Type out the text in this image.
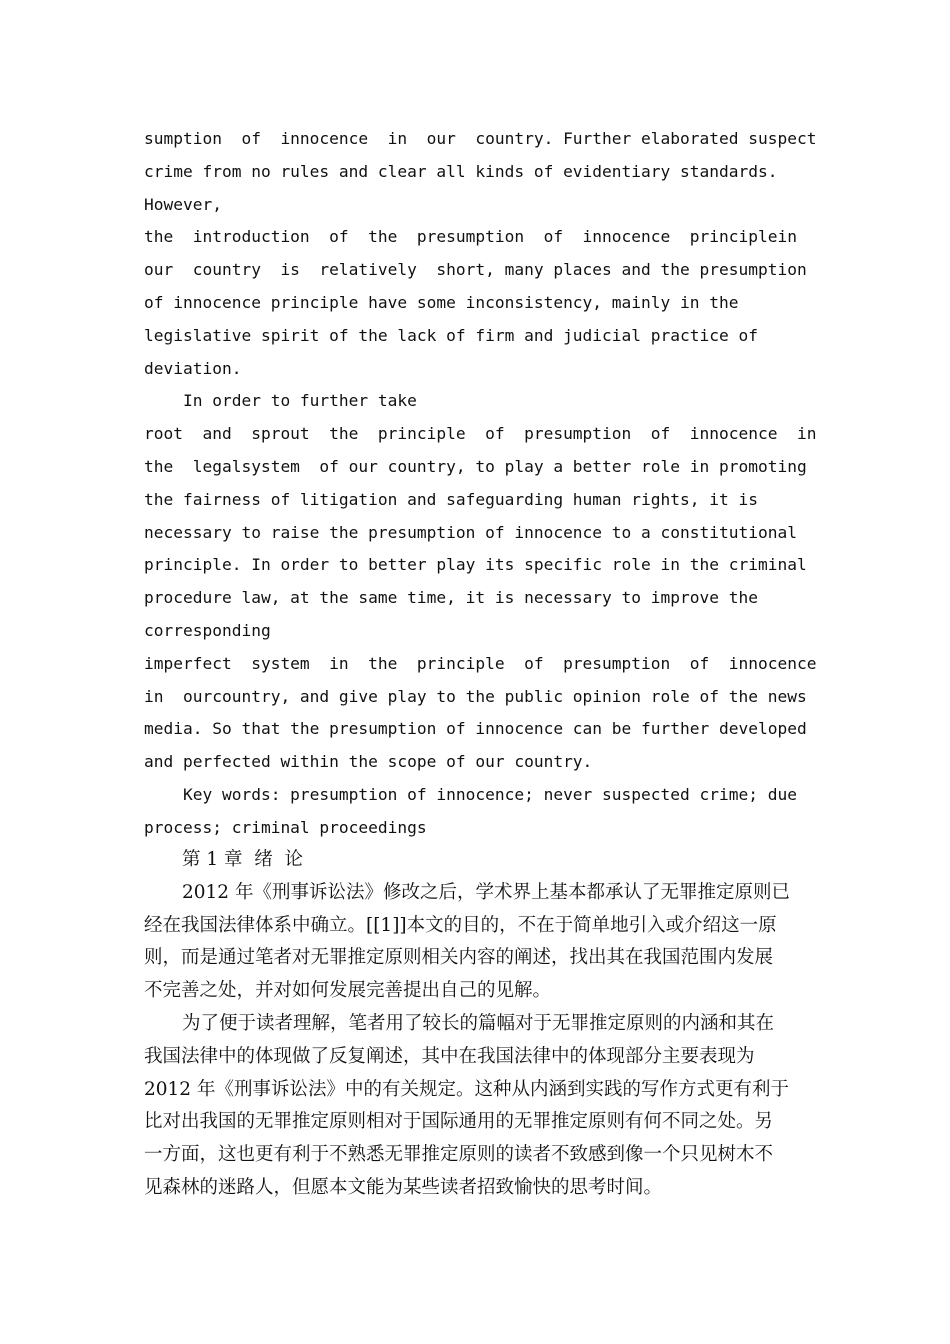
sumption  of  innocence  in  our  country. Further elaborated suspect
crime from no rules and clear all kinds of evidentiary standards.
However,
the  introduction  of  the  presumption  of  innocence  principlein
our  country  is  relatively  short, many places and the presumption
of innocence principle have some inconsistency, mainly in the
legislative spirit of the lack of firm and judicial practice of
deviation.
In order to further take
root  and  sprout  the  principle  of  presumption  of  innocence  in
the  legalsystem  of our country, to play a better role in promoting
the fairness of litigation and safeguarding human rights, it is
necessary to raise the presumption of innocence to a constitutional
principle. In order to better play its specific role in the criminal
procedure law, at the same time, it is necessary to improve the
corresponding
imperfect  system  in  the  principle  of  presumption  of  innocence
in  ourcountry, and give play to the public opinion role of the news
media. So that the presumption of innocence can be further developed
and perfected within the scope of our country.
Key words: presumption of innocence; never suspected crime; due
process; criminal proceedings
第 1 章  绪  论
2012 年《刑事诉讼法》修改之后，学术界上基本都承认了无罪推定原则已
经在我国法律体系中确立。[[1]]本文的目的，不在于简单地引入或介绍这一原
则，而是通过笔者对无罪推定原则相关内容的阐述，找出其在我国范围内发展
不完善之处，并对如何发展完善提出自己的见解。
为了便于读者理解，笔者用了较长的篇幅对于无罪推定原则的内涵和其在
我国法律中的体现做了反复阐述，其中在我国法律中的体现部分主要表现为
2012 年《刑事诉讼法》中的有关规定。这种从内涵到实践的写作方式更有利于
比对出我国的无罪推定原则相对于国际通用的无罪推定原则有何不同之处。另
一方面，这也更有利于不熟悉无罪推定原则的读者不致感到像一个只见树木不
见森林的迷路人，但愿本文能为某些读者招致愉快的思考时间。
